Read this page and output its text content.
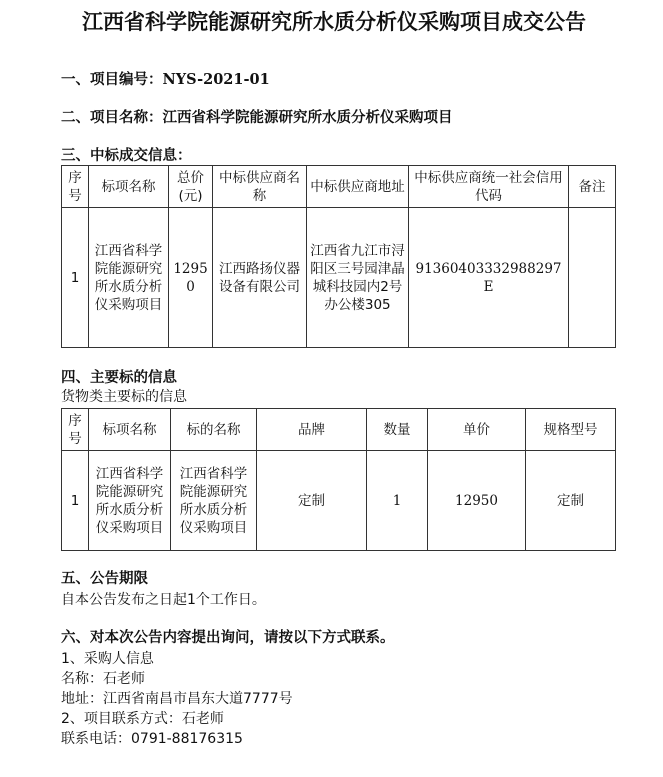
江西省科学院能源研究所水质分析仪采购项目成交公告
一、项目编号：NYS-2021-01
二、项目名称：江西省科学院能源研究所水质分析仪采购项目
三、中标成交信息：
序号	标项名称	总价(元)	中标供应商名称	中标供应商地址	中标供应商统一社会信用代码	备注
1	江西省科学院能源研究所水质分析仪采购项目	12950	江西路扬仪器设备有限公司	江西省九江市浔阳区三号园津晶城科技园内2号办公楼305	91360403332988297E	
四、主要标的信息
货物类主要标的信息
序号	标项名称	标的名称	品牌	数量	单价	规格型号
1	江西省科学院能源研究所水质分析仪采购项目	江西省科学院能源研究所水质分析仪采购项目	定制	1	12950	定制
五、公告期限
自本公告发布之日起1个工作日。
六、对本次公告内容提出询问，请按以下方式联系。
1、采购人信息
名称：石老师
地址：江西省南昌市昌东大道7777号
2、项目联系方式：石老师
联系电话：0791-88176315
